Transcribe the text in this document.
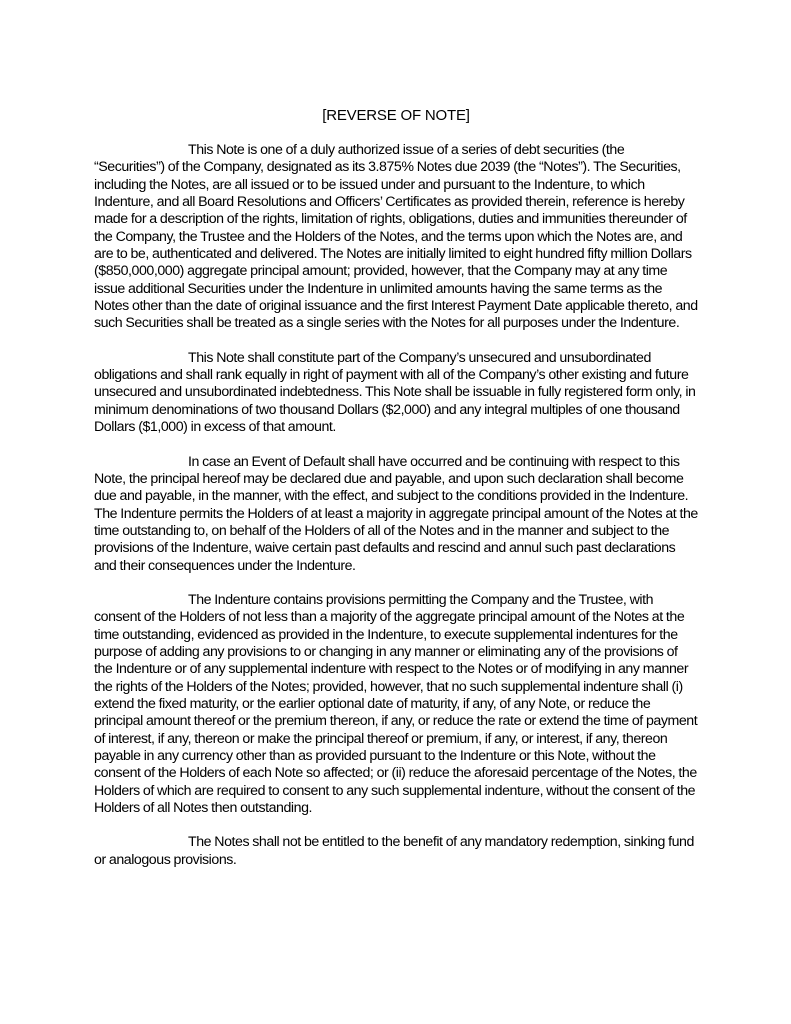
[REVERSE OF NOTE]

This Note is one of a duly authorized issue of a series of debt securities (the “Securities”) of the Company, designated as its 3.875% Notes due 2039 (the “Notes”). The Securities, including the Notes, are all issued or to be issued under and pursuant to the Indenture, to which Indenture, and all Board Resolutions and Officers’ Certificates as provided therein, reference is hereby made for a description of the rights, limitation of rights, obligations, duties and immunities thereunder of the Company, the Trustee and the Holders of the Notes, and the terms upon which the Notes are, and are to be, authenticated and delivered. The Notes are initially limited to eight hundred fifty million Dollars ($850,000,000) aggregate principal amount; provided, however, that the Company may at any time issue additional Securities under the Indenture in unlimited amounts having the same terms as the Notes other than the date of original issuance and the first Interest Payment Date applicable thereto, and such Securities shall be treated as a single series with the Notes for all purposes under the Indenture.

This Note shall constitute part of the Company’s unsecured and unsubordinated obligations and shall rank equally in right of payment with all of the Company’s other existing and future unsecured and unsubordinated indebtedness. This Note shall be issuable in fully registered form only, in minimum denominations of two thousand Dollars ($2,000) and any integral multiples of one thousand Dollars ($1,000) in excess of that amount.

In case an Event of Default shall have occurred and be continuing with respect to this Note, the principal hereof may be declared due and payable, and upon such declaration shall become due and payable, in the manner, with the effect, and subject to the conditions provided in the Indenture. The Indenture permits the Holders of at least a majority in aggregate principal amount of the Notes at the time outstanding to, on behalf of the Holders of all of the Notes and in the manner and subject to the provisions of the Indenture, waive certain past defaults and rescind and annul such past declarations and their consequences under the Indenture.

The Indenture contains provisions permitting the Company and the Trustee, with consent of the Holders of not less than a majority of the aggregate principal amount of the Notes at the time outstanding, evidenced as provided in the Indenture, to execute supplemental indentures for the purpose of adding any provisions to or changing in any manner or eliminating any of the provisions of the Indenture or of any supplemental indenture with respect to the Notes or of modifying in any manner the rights of the Holders of the Notes; provided, however, that no such supplemental indenture shall (i) extend the fixed maturity, or the earlier optional date of maturity, if any, of any Note, or reduce the principal amount thereof or the premium thereon, if any, or reduce the rate or extend the time of payment of interest, if any, thereon or make the principal thereof or premium, if any, or interest, if any, thereon payable in any currency other than as provided pursuant to the Indenture or this Note, without the consent of the Holders of each Note so affected; or (ii) reduce the aforesaid percentage of the Notes, the Holders of which are required to consent to any such supplemental indenture, without the consent of the Holders of all Notes then outstanding.

The Notes shall not be entitled to the benefit of any mandatory redemption, sinking fund or analogous provisions.
